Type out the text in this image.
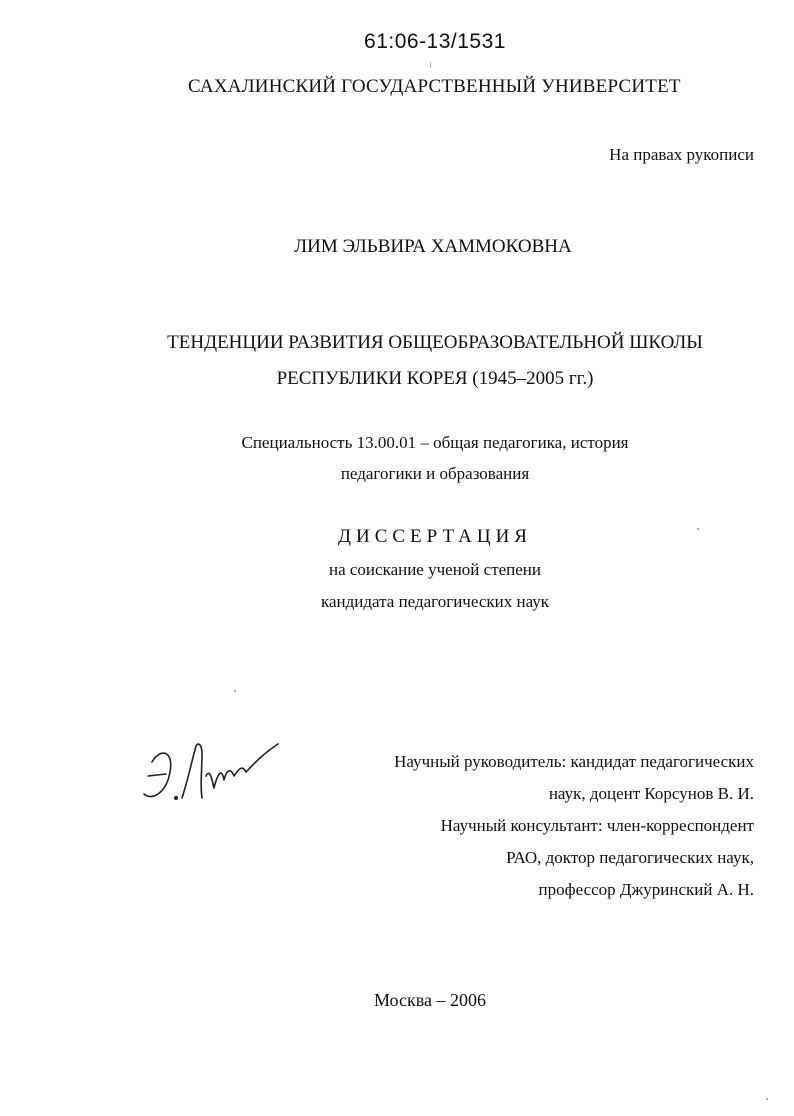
61:06-13/1531
САХАЛИНСКИЙ ГОСУДАРСТВЕННЫЙ УНИВЕРСИТЕТ
На правах рукописи
ЛИМ ЭЛЬВИРА ХАММОКОВНА
ТЕНДЕНЦИИ РАЗВИТИЯ ОБЩЕОБРАЗОВАТЕЛЬНОЙ ШКОЛЫ
РЕСПУБЛИКИ КОРЕЯ (1945–2005 гг.)
Специальность 13.00.01 – общая педагогика, история
педагогики и образования
ДИССЕРТАЦИЯ
на соискание ученой степени
кандидата педагогических наук
Научный руководитель: кандидат педагогических
наук, доцент Корсунов В. И.
Научный консультант: член-корреспондент
РАО, доктор педагогических наук,
профессор Джуринский А. Н.
Москва – 2006
